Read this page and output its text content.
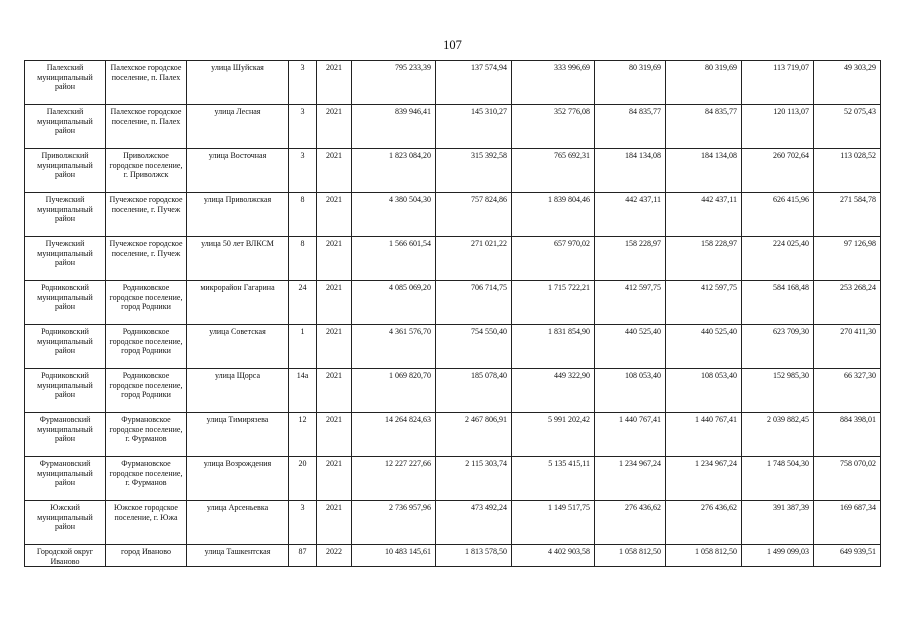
107
Палехский муниципальный район	Палехское городское поселение, п. Палех	улица Шуйская	3	2021	795 233,39	137 574,94	333 996,69	80 319,69	80 319,69	113 719,07	49 303,29
Палехский муниципальный район	Палехское городское поселение, п. Палех	улица Лесная	3	2021	839 946,41	145 310,27	352 776,08	84 835,77	84 835,77	120 113,07	52 075,43
Приволжский муниципальный район	Приволжское городское поселение, г. Приволжск	улица Восточная	3	2021	1 823 084,20	315 392,58	765 692,31	184 134,08	184 134,08	260 702,64	113 028,52
Пучежский муниципальный район	Пучежское городское поселение, г. Пучеж	улица Приволжская	8	2021	4 380 504,30	757 824,86	1 839 804,46	442 437,11	442 437,11	626 415,96	271 584,78
Пучежский муниципальный район	Пучежское городское поселение, г. Пучеж	улица 50 лет ВЛКСМ	8	2021	1 566 601,54	271 021,22	657 970,02	158 228,97	158 228,97	224 025,40	97 126,98
Родниковский муниципальный район	Родниковское городское поселение, город Родники	микрорайон Гагарина	24	2021	4 085 069,20	706 714,75	1 715 722,21	412 597,75	412 597,75	584 168,48	253 268,24
Родниковский муниципальный район	Родниковское городское поселение, город Родники	улица Советская	1	2021	4 361 576,70	754 550,40	1 831 854,90	440 525,40	440 525,40	623 709,30	270 411,30
Родниковский муниципальный район	Родниковское городское поселение, город Родники	улица Щорса	14а	2021	1 069 820,70	185 078,40	449 322,90	108 053,40	108 053,40	152 985,30	66 327,30
Фурмановский муниципальный район	Фурмановское городское поселение, г. Фурманов	улица Тимирязева	12	2021	14 264 824,63	2 467 806,91	5 991 202,42	1 440 767,41	1 440 767,41	2 039 882,45	884 398,01
Фурмановский муниципальный район	Фурмановское городское поселение, г. Фурманов	улица Возрождения	20	2021	12 227 227,66	2 115 303,74	5 135 415,11	1 234 967,24	1 234 967,24	1 748 504,30	758 070,02
Южский муниципальный район	Южское городское поселение, г. Южа	улица Арсеньевка	3	2021	2 736 957,96	473 492,24	1 149 517,75	276 436,62	276 436,62	391 387,39	169 687,34
Городской округ Иваново	город Иваново	улица Ташкентская	87	2022	10 483 145,61	1 813 578,50	4 402 903,58	1 058 812,50	1 058 812,50	1 499 099,03	649 939,51
